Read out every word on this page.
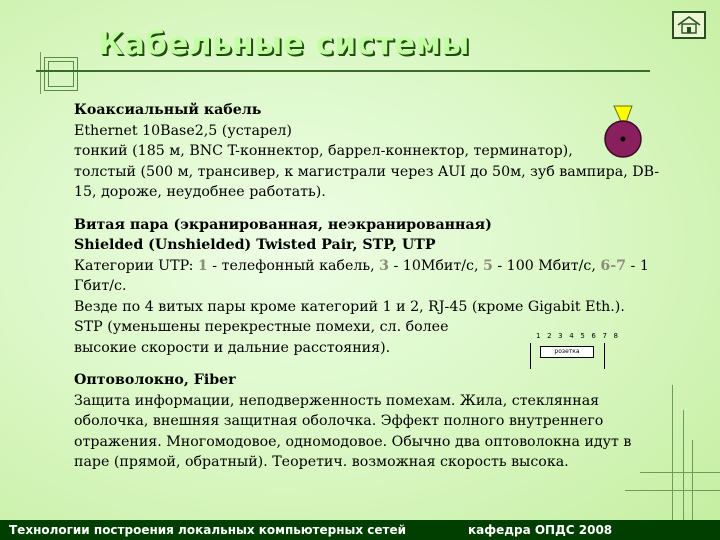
Кабельные системы

Коаксиальный кабель

Ethernet 10Base2,5 (устарел)

тонкий (185 м, BNC T-коннектор, баррел-коннектор, терминатор),

толстый (500 м, трансивер, к магистрали через AUI до 50м, зуб вампира, DB-15, дороже, неудобнее работать).

Витая пара (экранированная, неэкранированная)

Shielded (Unshielded) Twisted Pair, STP, UTP

Категории UTP: 1 - телефонный кабель, 3 - 10Мбит/с, 5 - 100 Мбит/с, 6-7 - 1 Гбит/с.

Везде по 4 витых пары кроме категорий 1 и 2, RJ-45 (кроме Gigabit Eth.).

STP (уменьшены перекрестные помехи, сл. более

высокие скорости и дальние расстояния).

Оптоволокно, Fiber

Защита информации, неподверженность помехам. Жила, стеклянная оболочка, внешняя защитная оболочка. Эффект полного внутреннего отражения. Многомодовое, одномодовое. Обычно два оптоволокна идут в паре (прямой, обратный). Теоретич. возможная скорость высока.

1 2 3 4 5 6 7 8
розетка
Технологии построения локальных компьютерных сетей	кафедра ОПДС 2008
